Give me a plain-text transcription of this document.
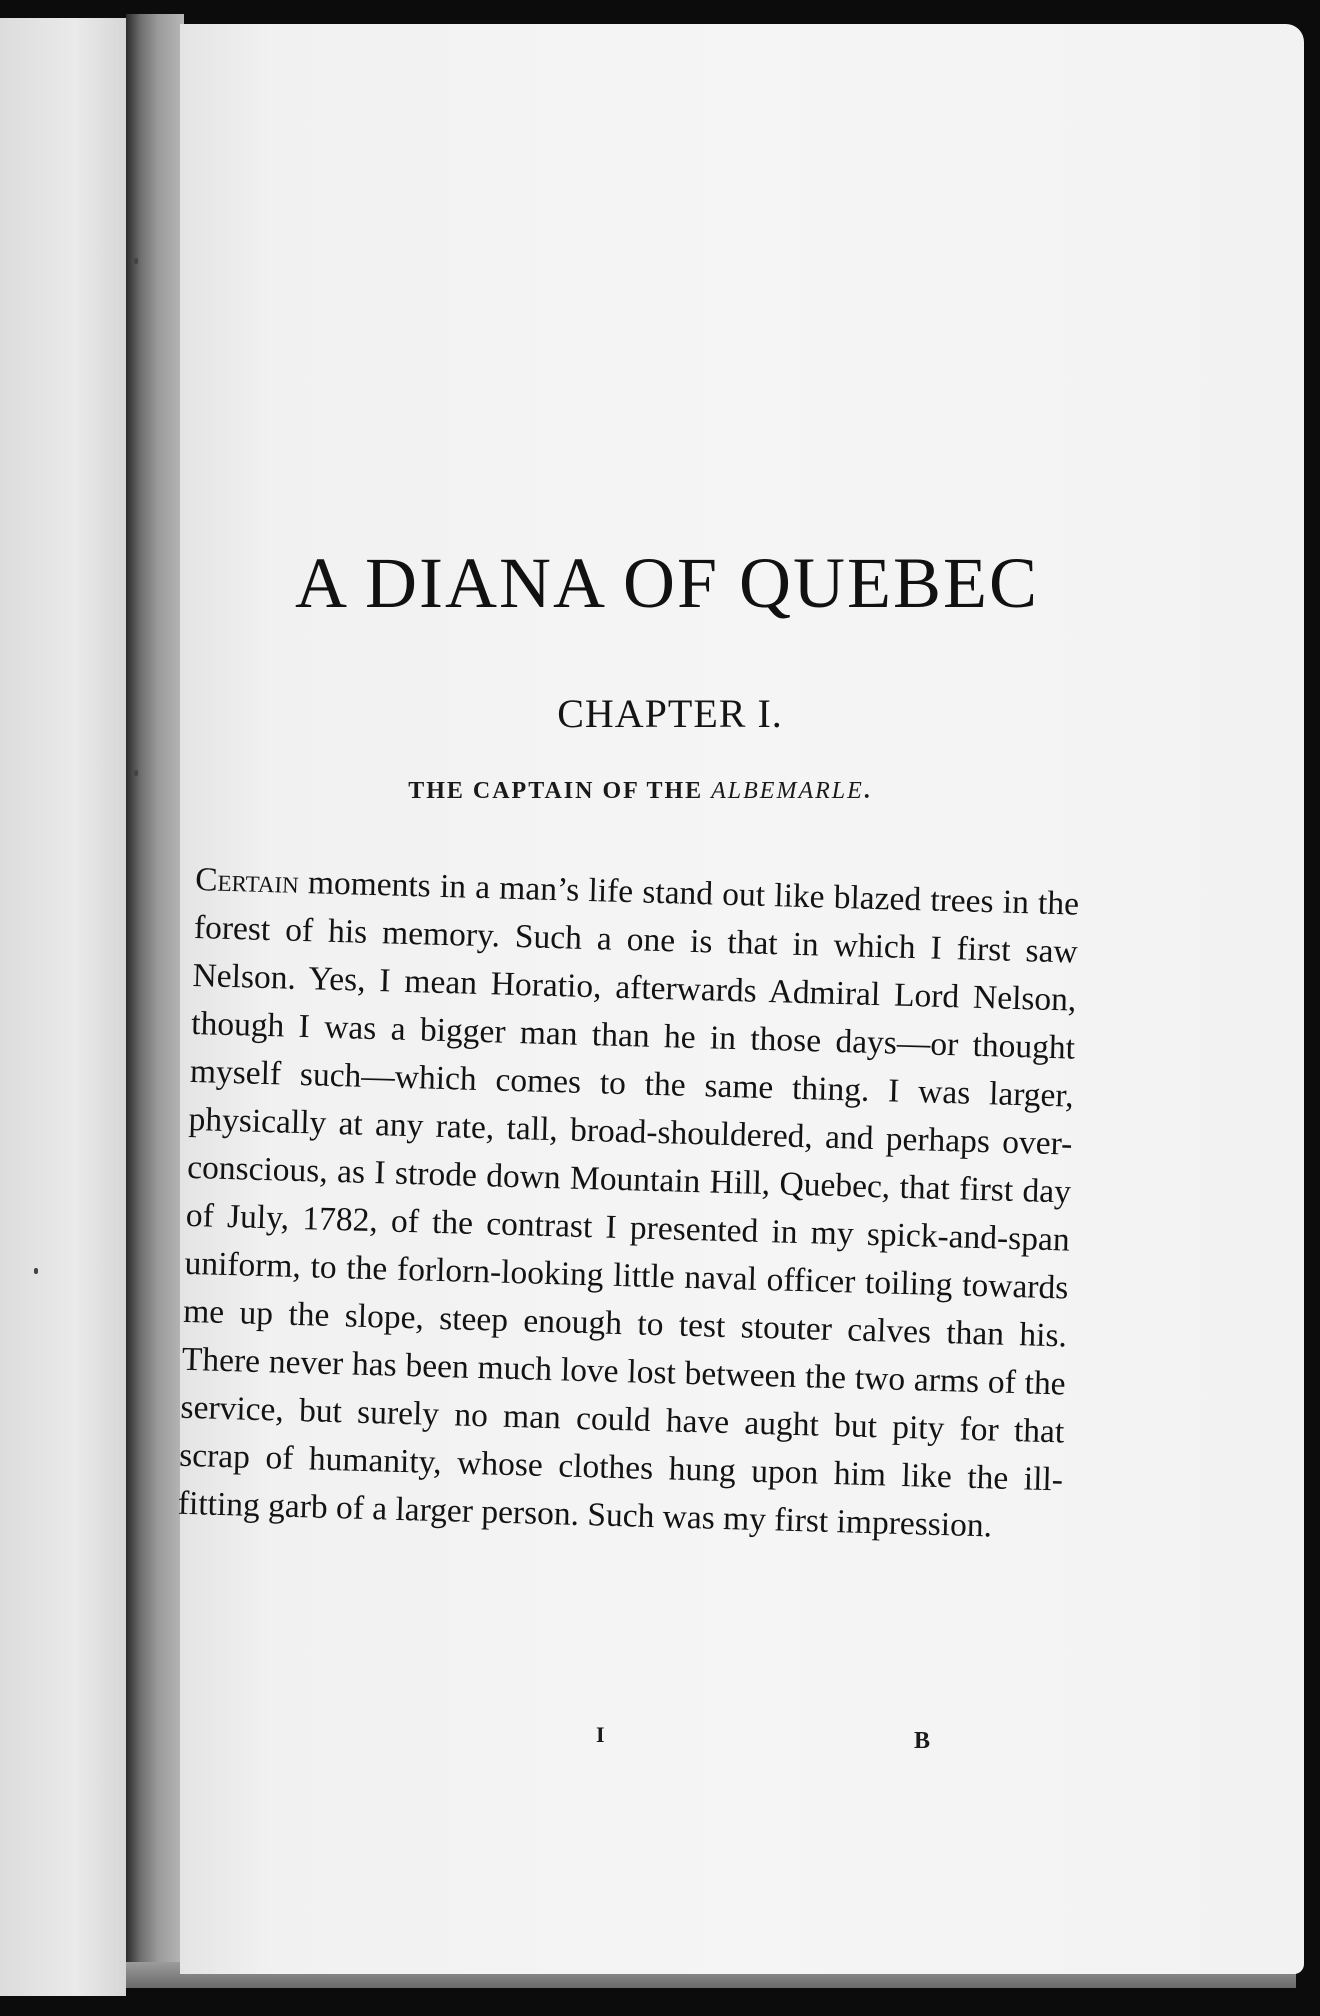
A DIANA OF QUEBEC
CHAPTER I.

THE CAPTAIN OF THE ALBEMARLE.

Certain moments in a man’s life stand out like blazed trees in the forest of his memory. Such a one is that in which I first saw Nelson. Yes, I mean Horatio, afterwards Admiral Lord Nelson, though I was a bigger man than he in those days—or thought myself such—which comes to the same thing. I was larger, physically at any rate, tall, broad-shouldered, and perhaps over-conscious, as I strode down Mountain Hill, Quebec, that first day of July, 1782, of the contrast I presented in my spick-and-span uniform, to the forlorn-looking little naval officer toiling towards me up the slope, steep enough to test stouter calves than his. There never has been much love lost between the two arms of the service, but surely no man could have aught but pity for that scrap of humanity, whose clothes hung upon him like the ill-fitting garb of a larger person. Such was my first impression.

I	B
